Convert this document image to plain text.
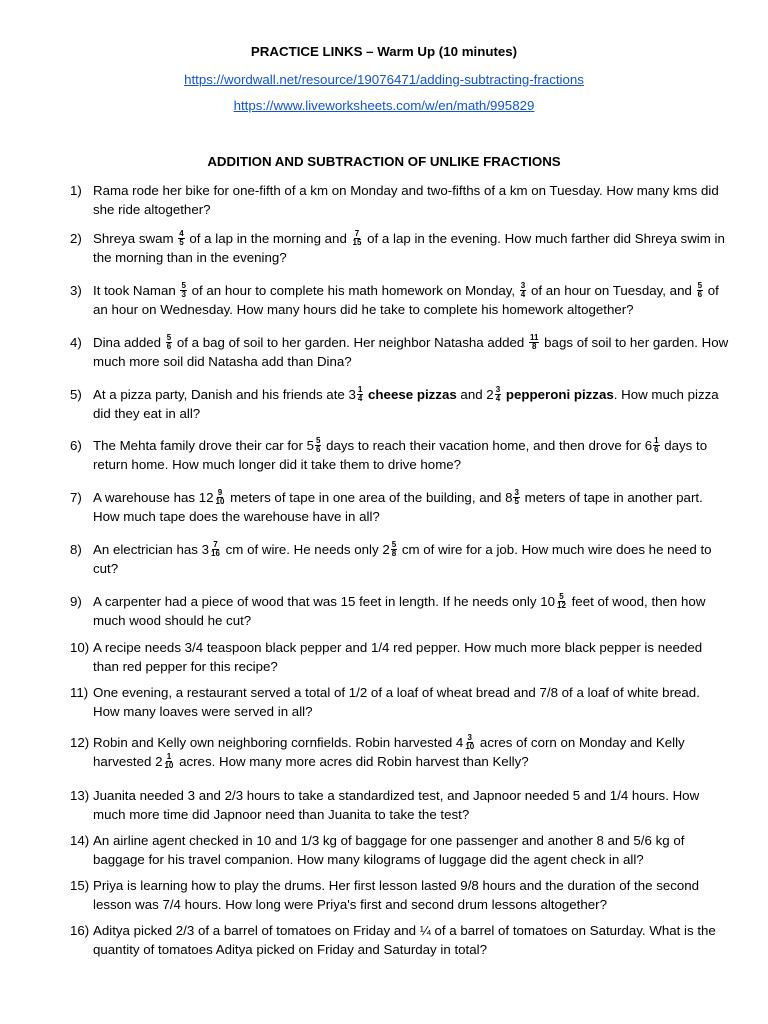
PRACTICE LINKS – Warm Up (10 minutes)
https://wordwall.net/resource/19076471/adding-subtracting-fractions
https://www.liveworksheets.com/w/en/math/995829
ADDITION AND SUBTRACTION OF UNLIKE FRACTIONS
1) Rama rode her bike for one-fifth of a km on Monday and two-fifths of a km on Tuesday. How many kms did she ride altogether?
2) Shreya swam $\frac{4}{5}$ of a lap in the morning and $\frac{7}{15}$ of a lap in the evening. How much farther did Shreya swim in the morning than in the evening?
3) It took Naman $\frac{5}{3}$ of an hour to complete his math homework on Monday, $\frac{3}{4}$ of an hour on Tuesday, and $\frac{5}{6}$ of an hour on Wednesday. How many hours did he take to complete his homework altogether?
4) Dina added $\frac{5}{6}$ of a bag of soil to her garden. Her neighbor Natasha added $\frac{11}{8}$ bags of soil to her garden. How much more soil did Natasha add than Dina?
5) At a pizza party, Danish and his friends ate $3 \frac{1}{4}$ cheese pizzas and $2 \frac{3}{4}$ pepperoni pizzas. How much pizza did they eat in all?
6) The Mehta family drove their car for $5 \frac{5}{6}$ days to reach their vacation home, and then drove for $6 \frac{1}{6}$ days to return home. How much longer did it take them to drive home?
7) A warehouse has $12 \frac{9}{10}$ meters of tape in one area of the building, and $8 \frac{3}{5}$ meters of tape in another part. How much tape does the warehouse have in all?
8) An electrician has $3 \frac{7}{16}$ cm of wire. He needs only $2 \frac{5}{8}$ cm of wire for a job. How much wire does he need to cut?
9) A carpenter had a piece of wood that was 15 feet in length. If he needs only $10 \frac{5}{12}$ feet of wood, then how much wood should he cut?
10) A recipe needs 3/4 teaspoon black pepper and 1/4 red pepper. How much more black pepper is needed than red pepper for this recipe?
11) One evening, a restaurant served a total of 1/2 of a loaf of wheat bread and 7/8 of a loaf of white bread. How many loaves were served in all?
12) Robin and Kelly own neighboring cornfields. Robin harvested $4 \frac{3}{10}$ acres of corn on Monday and Kelly harvested $2 \frac{1}{10}$ acres. How many more acres did Robin harvest than Kelly?
13) Juanita needed 3 and 2/3 hours to take a standardized test, and Japnoor needed 5 and 1/4 hours. How much more time did Japnoor need than Juanita to take the test?
14) An airline agent checked in 10 and 1/3 kg of baggage for one passenger and another 8 and 5/6 kg of baggage for his travel companion. How many kilograms of luggage did the agent check in all?
15) Priya is learning how to play the drums. Her first lesson lasted 9/8 hours and the duration of the second lesson was 7/4 hours. How long were Priya's first and second drum lessons altogether?
16) Aditya picked 2/3 of a barrel of tomatoes on Friday and ¼ of a barrel of tomatoes on Saturday. What is the quantity of tomatoes Aditya picked on Friday and Saturday in total?
